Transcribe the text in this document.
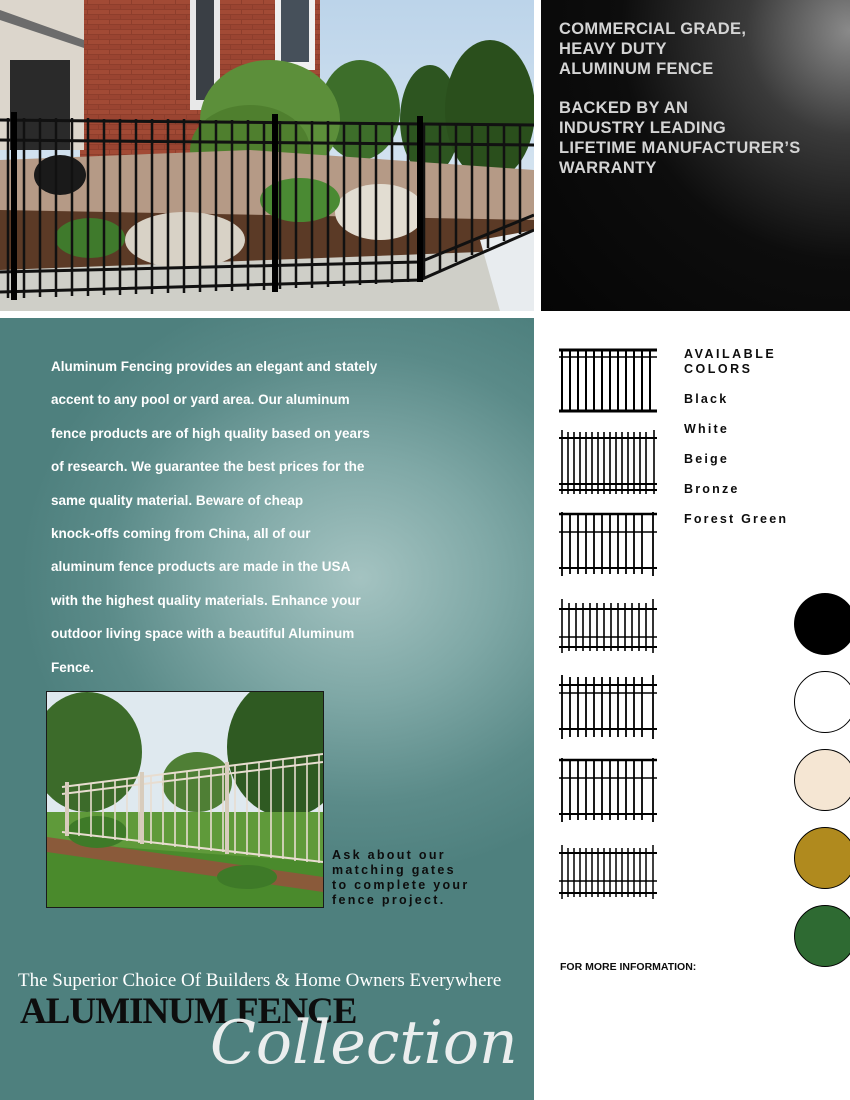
COMMERCIAL GRADE,
HEAVY DUTY
ALUMINUM FENCE
BACKED BY AN
INDUSTRY LEADING
LIFETIME MANUFACTURER’S
WARRANTY
Aluminum Fencing provides an elegant and stately
accent to any pool or yard area. Our aluminum
fence products are of high quality based on years
of research. We guarantee the best prices for the
same quality material. Beware of cheap
knock-offs coming from China, all of our
aluminum fence products are made in the USA
with the highest quality materials. Enhance your
outdoor living space with a beautiful Aluminum
Fence.
Ask about our
matching gates
to complete your
fence project.
The Superior Choice Of Builders & Home Owners Everywhere
ALUMINUM FENCE
Collection
AVAILABLE
COLORS
Black
White
Beige
Bronze
Forest Green
FOR MORE INFORMATION:
